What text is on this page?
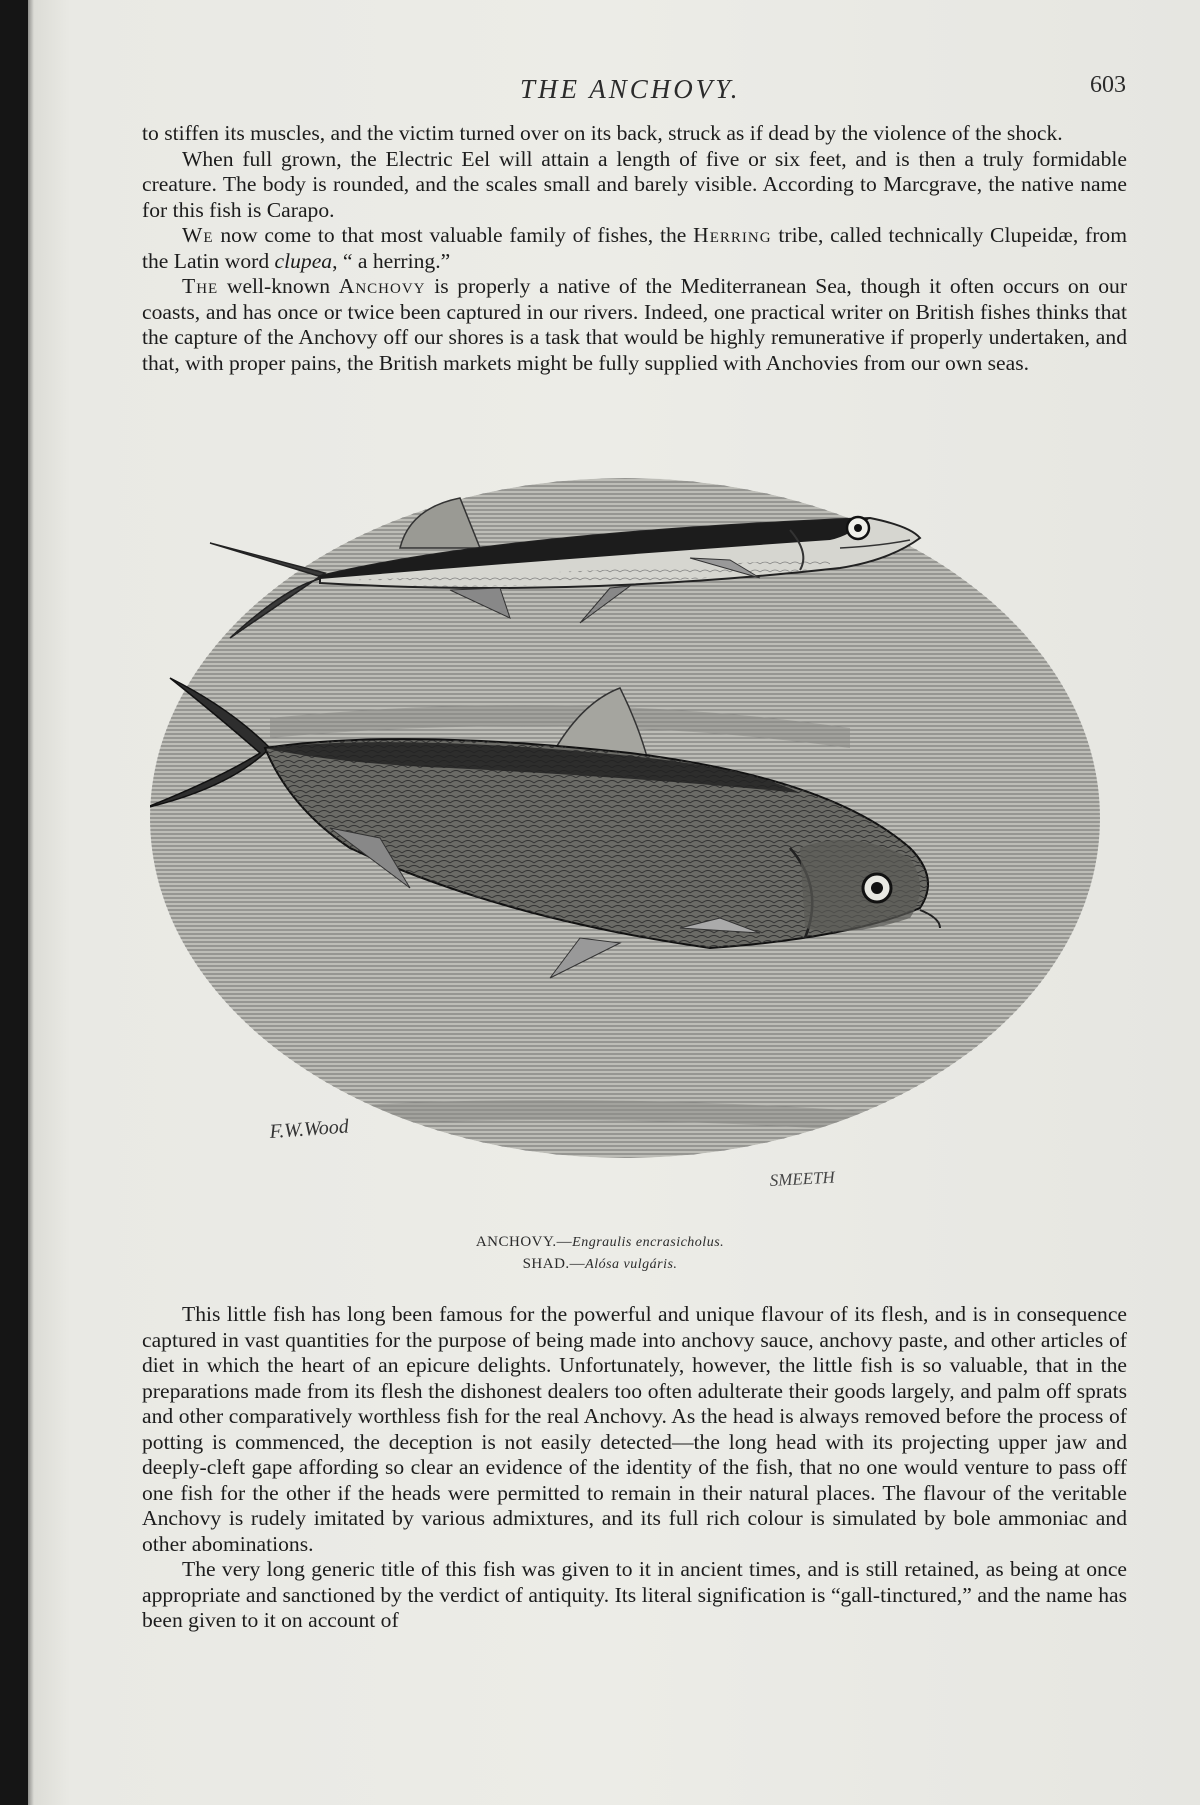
THE ANCHOVY.	603

to stiffen its muscles, and the victim turned over on its back, struck as if dead by the violence of the shock.

When full grown, the Electric Eel will attain a length of five or six feet, and is then a truly formidable creature. The body is rounded, and the scales small and barely visible. According to Marcgrave, the native name for this fish is Carapo.

We now come to that most valuable family of fishes, the Herring tribe, called technically Clupeidæ, from the Latin word clupea, “ a herring.”

The well-known Anchovy is properly a native of the Mediterranean Sea, though it often occurs on our coasts, and has once or twice been captured in our rivers. Indeed, one practical writer on British fishes thinks that the capture of the Anchovy off our shores is a task that would be highly remunerative if properly undertaken, and that, with proper pains, the British markets might be fully supplied with Anchovies from our own seas.

F.W.Wood
SMEETH
ANCHOVY.—Engraulis encrasicholus.
SHAD.—Alósa vulgáris.

This little fish has long been famous for the powerful and unique flavour of its flesh, and is in consequence captured in vast quantities for the purpose of being made into anchovy sauce, anchovy paste, and other articles of diet in which the heart of an epicure delights. Unfortunately, however, the little fish is so valuable, that in the preparations made from its flesh the dishonest dealers too often adulterate their goods largely, and palm off sprats and other comparatively worthless fish for the real Anchovy. As the head is always removed before the process of potting is commenced, the deception is not easily detected—the long head with its projecting upper jaw and deeply-cleft gape affording so clear an evidence of the identity of the fish, that no one would venture to pass off one fish for the other if the heads were permitted to remain in their natural places. The flavour of the veritable Anchovy is rudely imitated by various admixtures, and its full rich colour is simulated by bole ammoniac and other abominations.

The very long generic title of this fish was given to it in ancient times, and is still retained, as being at once appropriate and sanctioned by the verdict of antiquity. Its literal signification is “gall-tinctured,” and the name has been given to it on account of
